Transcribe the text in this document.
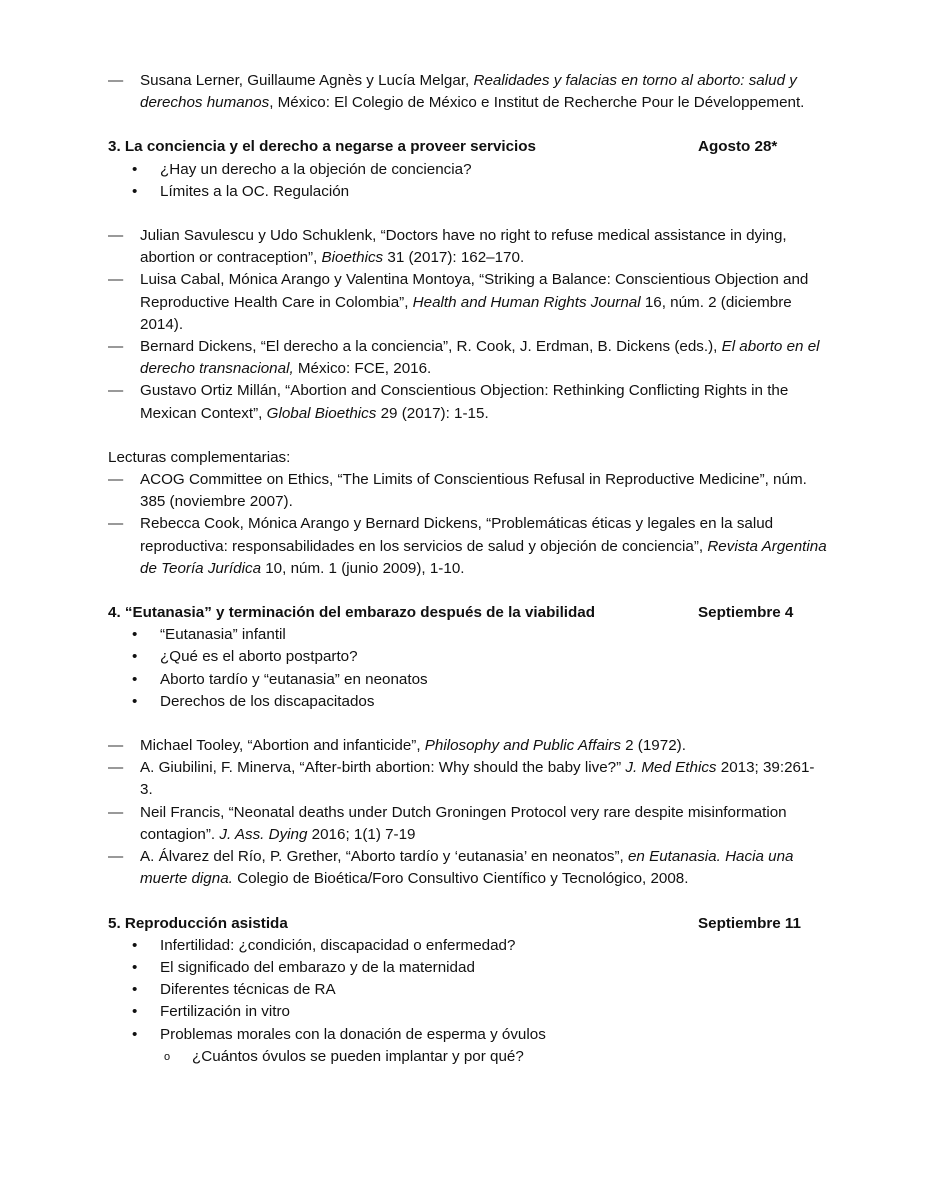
— Susana Lerner, Guillaume Agnès y Lucía Melgar, Realidades y falacias en torno al aborto: salud y derechos humanos, México: El Colegio de México e Institut de Recherche Pour le Développement.
3. La conciencia y el derecho a negarse a proveer servicios	Agosto 28*
• ¿Hay un derecho a la objeción de conciencia?
• Límites a la OC. Regulación
— Julian Savulescu y Udo Schuklenk, “Doctors have no right to refuse medical assistance in dying, abortion or contraception”, Bioethics 31 (2017): 162–170.
— Luisa Cabal, Mónica Arango y Valentina Montoya, “Striking a Balance: Conscientious Objection and Reproductive Health Care in Colombia”, Health and Human Rights Journal 16, núm. 2 (diciembre 2014).
— Bernard Dickens, “El derecho a la conciencia”, R. Cook, J. Erdman, B. Dickens (eds.), El aborto en el derecho transnacional, México: FCE, 2016.
— Gustavo Ortiz Millán, “Abortion and Conscientious Objection: Rethinking Conflicting Rights in the Mexican Context”, Global Bioethics 29 (2017): 1-15.
Lecturas complementarias:
— ACOG Committee on Ethics, “The Limits of Conscientious Refusal in Reproductive Medicine”, núm. 385 (noviembre 2007).
— Rebecca Cook, Mónica Arango y Bernard Dickens, “Problemáticas éticas y legales en la salud reproductiva: responsabilidades en los servicios de salud y objeción de conciencia”, Revista Argentina de Teoría Jurídica 10, núm. 1 (junio 2009), 1-10.
4. “Eutanasia” y terminación del embarazo después de la viabilidad	Septiembre 4
• “Eutanasia” infantil
• ¿Qué es el aborto postparto?
• Aborto tardío y “eutanasia” en neonatos
• Derechos de los discapacitados
— Michael Tooley, “Abortion and infanticide”, Philosophy and Public Affairs 2 (1972).
— A. Giubilini, F. Minerva, “After-birth abortion: Why should the baby live?” J. Med Ethics 2013; 39:261-3.
— Neil Francis, “Neonatal deaths under Dutch Groningen Protocol very rare despite misinformation contagion”. J. Ass. Dying 2016; 1(1) 7-19
— A. Álvarez del Río, P. Grether, “Aborto tardío y ‘eutanasia’ en neonatos”, en Eutanasia. Hacia una muerte digna. Colegio de Bioética/Foro Consultivo Científico y Tecnológico, 2008.
5. Reproducción asistida	Septiembre 11
• Infertilidad: ¿condición, discapacidad o enfermedad?
• El significado del embarazo y de la maternidad
• Diferentes técnicas de RA
• Fertilización in vitro
• Problemas morales con la donación de esperma y óvulos
o ¿Cuántos óvulos se pueden implantar y por qué?
